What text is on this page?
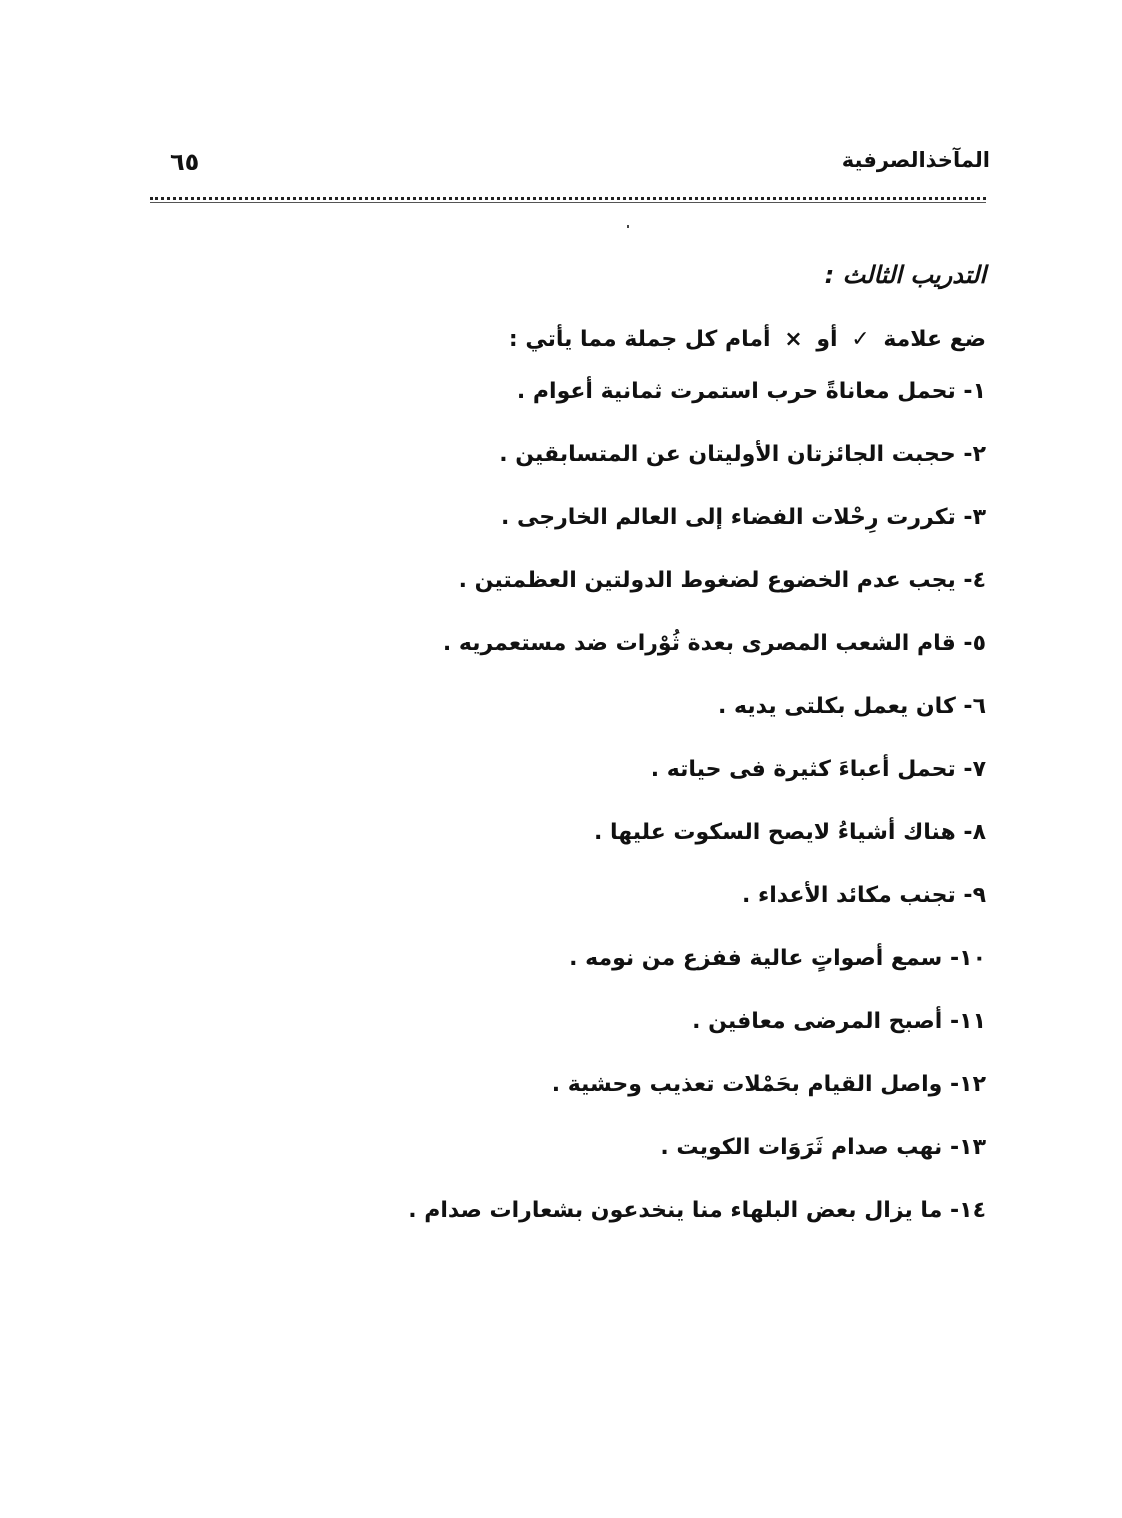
٦٥	المآخذالصرفية
التدريب الثالث :
ضع علامة ✓ أو × أمام كل جملة مما يأتي :
١- تحمل معاناةً حرب استمرت ثمانية أعوام .
٢- حجبت الجائزتان الأوليتان عن المتسابقين .
٣- تكررت رِحْلات الفضاء إلى العالم الخارجى .
٤- يجب عدم الخضوع لضغوط الدولتين العظمتين .
٥- قام الشعب المصرى بعدة ثُوْرات ضد مستعمريه .
٦- كان يعمل بكلتى يديه .
٧- تحمل أعباءَ كثيرة فى حياته .
٨- هناك أشياءُ لايصح السكوت عليها .
٩- تجنب مكائد الأعداء .
١٠- سمع أصواتٍ عالية ففزع من نومه .
١١- أصبح المرضى معافين .
١٢- واصل القيام بحَمْلات تعذيب وحشية .
١٣- نهب صدام ثَرَوَات الكويت .
١٤- ما يزال بعض البلهاء منا ينخدعون بشعارات صدام .
